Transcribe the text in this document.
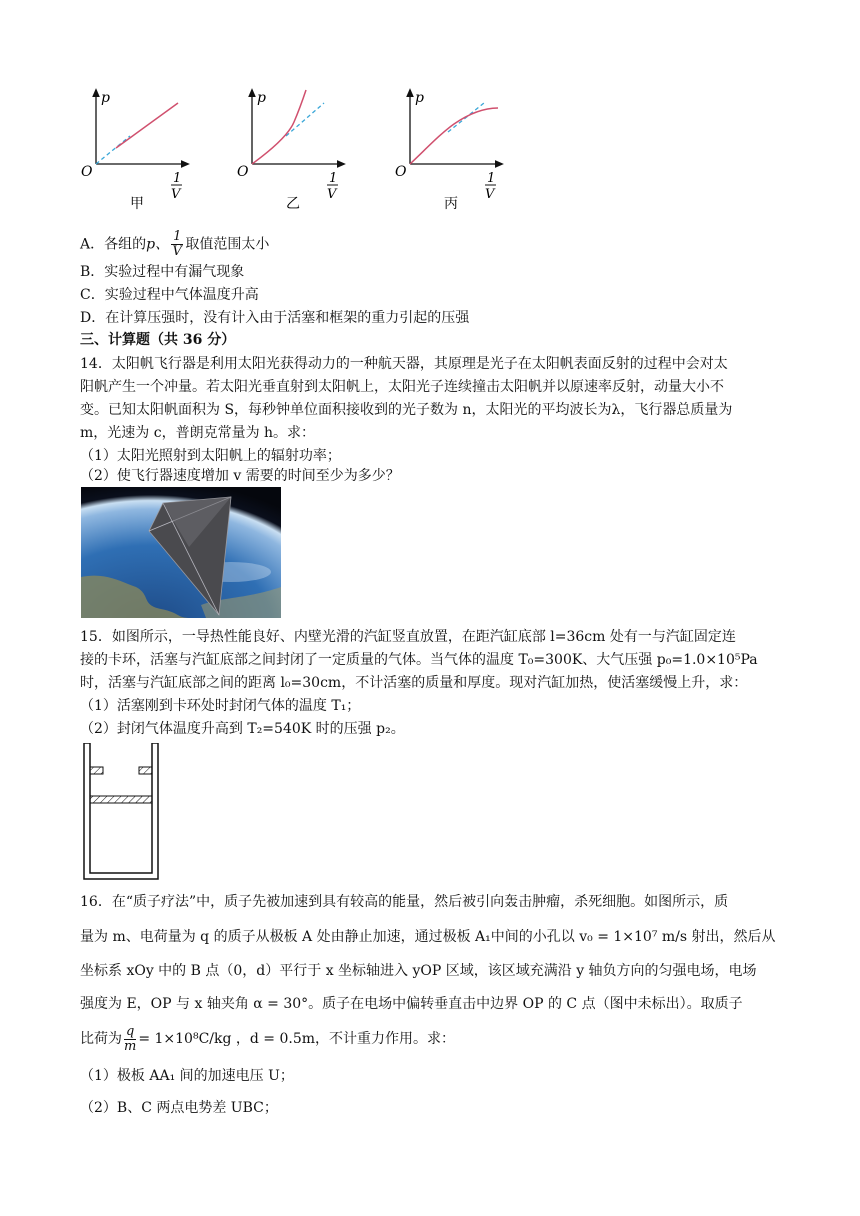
p
O	1
V
甲
p
O	1
V
乙
p
O	1
V
丙
A．各组的p、 $\frac{1}{V}$ 取值范围太小
B．实验过程中有漏气现象
C．实验过程中气体温度升高
D．在计算压强时，没有计入由于活塞和框架的重力引起的压强
三、计算题（共 36 分）
14．太阳帆飞行器是利用太阳光获得动力的一种航天器，其原理是光子在太阳帆表面反射的过程中会对太
阳帆产生一个冲量。若太阳光垂直射到太阳帆上，太阳光子连续撞击太阳帆并以原速率反射，动量大小不
变。已知太阳帆面积为 S，每秒钟单位面积接收到的光子数为 n，太阳光的平均波长为λ，飞行器总质量为
m，光速为 c，普朗克常量为 h。求：
（1）太阳光照射到太阳帆上的辐射功率；
（2）使飞行器速度增加 v 需要的时间至少为多少？
15．如图所示，一导热性能良好、内壁光滑的汽缸竖直放置，在距汽缸底部 l=36cm 处有一与汽缸固定连
接的卡环，活塞与汽缸底部之间封闭了一定质量的气体。当气体的温度 T₀=300K、大气压强 p₀=1.0×10⁵Pa
时，活塞与汽缸底部之间的距离 l₀=30cm，不计活塞的质量和厚度。现对汽缸加热，使活塞缓慢上升，求：
（1）活塞刚到卡环处时封闭气体的温度 T₁；
（2）封闭气体温度升高到 T₂=540K 时的压强 p₂。
16．在“质子疗法”中，质子先被加速到具有较高的能量，然后被引向轰击肿瘤，杀死细胞。如图所示，质
量为 m、电荷量为 q 的质子从极板 A 处由静止加速，通过极板 A₁中间的小孔以 v₀ = 1×10⁷ m/s 射出，然后从
坐标系 xOy 中的 B 点（0，d）平行于 x 坐标轴进入 yOP 区域，该区域充满沿 y 轴负方向的匀强电场，电场
强度为 E，OP 与 x 轴夹角 α = 30°。质子在电场中偏转垂直击中边界 OP 的 C 点（图中未标出）。取质子
比荷为 $\frac{q}{m} = 1\times 10^8C/kg$ ，d = 0.5m，不计重力作用。求：
（1）极板 AA₁ 间的加速电压 U；
（2）B、C 两点电势差 UBC；
